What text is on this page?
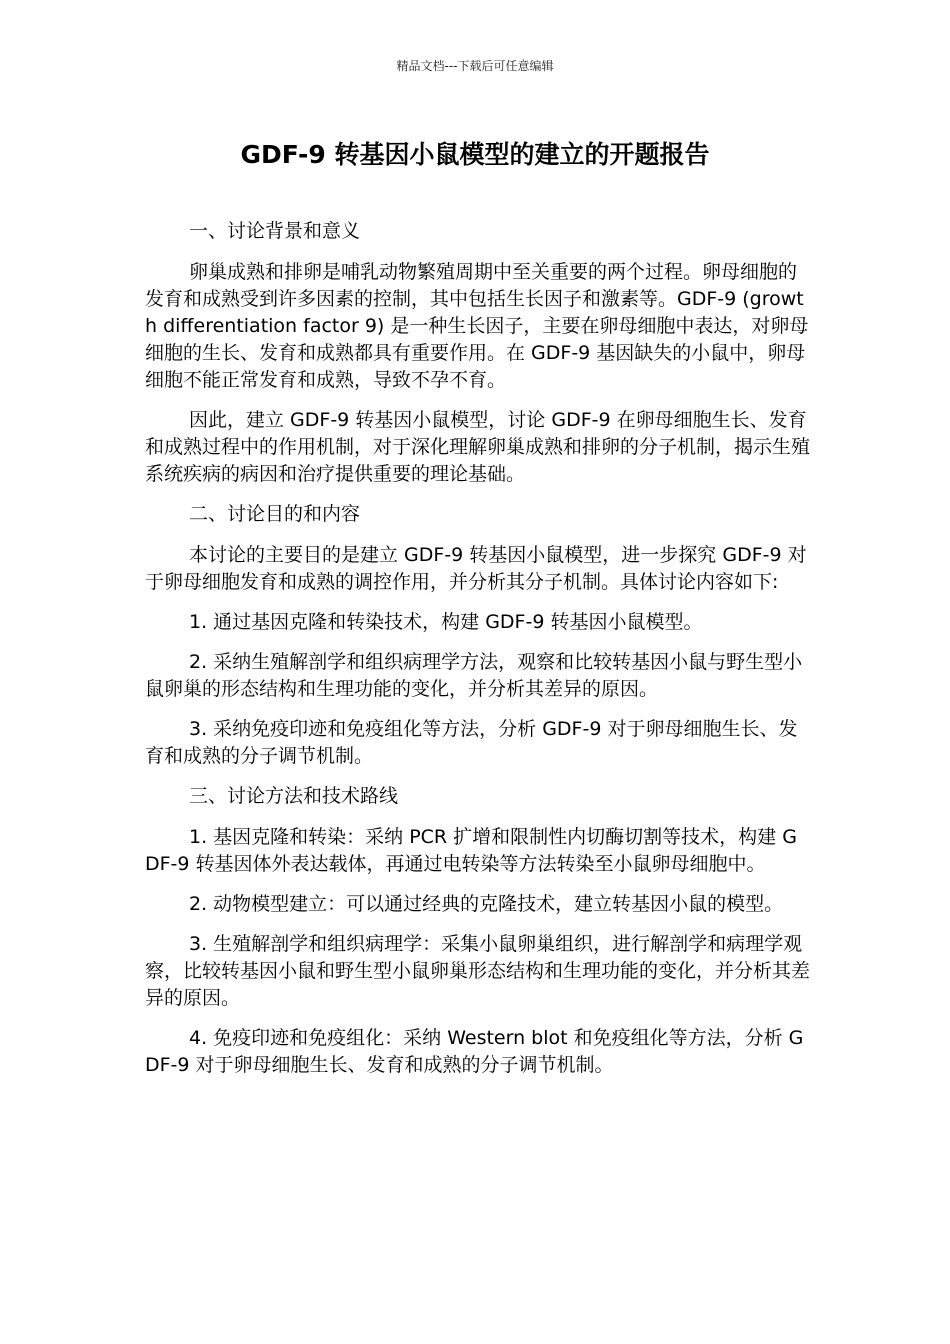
精品文档---下载后可任意编辑
GDF-9 转基因小鼠模型的建立的开题报告

一、讨论背景和意义

卵巢成熟和排卵是哺乳动物繁殖周期中至关重要的两个过程。卵母细胞的发育和成熟受到许多因素的控制，其中包括生长因子和激素等。GDF-9 (growth differentiation factor 9) 是一种生长因子，主要在卵母细胞中表达，对卵母细胞的生长、发育和成熟都具有重要作用。在 GDF-9 基因缺失的小鼠中，卵母细胞不能正常发育和成熟，导致不孕不育。

因此，建立 GDF-9 转基因小鼠模型，讨论 GDF-9 在卵母细胞生长、发育和成熟过程中的作用机制，对于深化理解卵巢成熟和排卵的分子机制，揭示生殖系统疾病的病因和治疗提供重要的理论基础。

二、讨论目的和内容

本讨论的主要目的是建立 GDF-9 转基因小鼠模型，进一步探究 GDF-9 对于卵母细胞发育和成熟的调控作用，并分析其分子机制。具体讨论内容如下:

1. 通过基因克隆和转染技术，构建 GDF-9 转基因小鼠模型。

2. 采纳生殖解剖学和组织病理学方法，观察和比较转基因小鼠与野生型小鼠卵巢的形态结构和生理功能的变化，并分析其差异的原因。

3. 采纳免疫印迹和免疫组化等方法，分析 GDF-9 对于卵母细胞生长、发育和成熟的分子调节机制。

三、讨论方法和技术路线

1. 基因克隆和转染：采纳 PCR 扩增和限制性内切酶切割等技术，构建 GDF-9 转基因体外表达载体，再通过电转染等方法转染至小鼠卵母细胞中。

2. 动物模型建立：可以通过经典的克隆技术，建立转基因小鼠的模型。

3. 生殖解剖学和组织病理学：采集小鼠卵巢组织，进行解剖学和病理学观察，比较转基因小鼠和野生型小鼠卵巢形态结构和生理功能的变化，并分析其差异的原因。

4. 免疫印迹和免疫组化：采纳 Western blot 和免疫组化等方法，分析 GDF-9 对于卵母细胞生长、发育和成熟的分子调节机制。
